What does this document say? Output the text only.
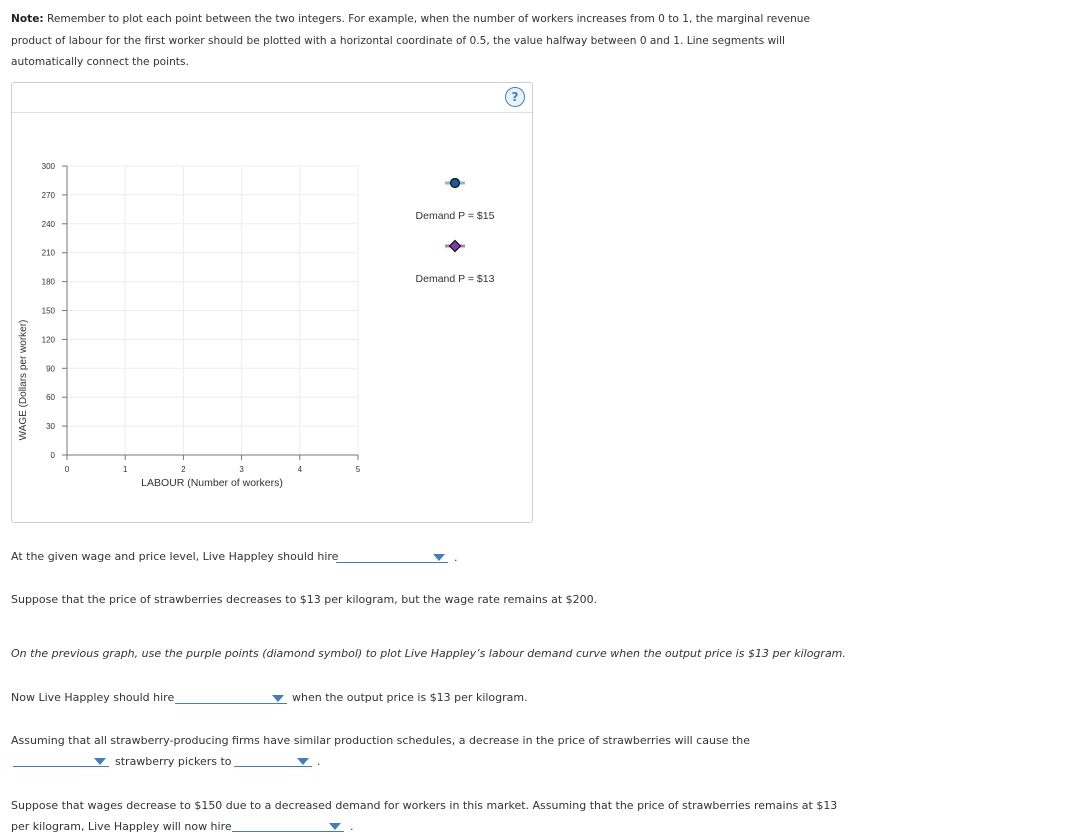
Note: Remember to plot each point between the two integers. For example, when the number of workers increases from 0 to 1, the marginal revenue product of labour for the first worker should be plotted with a horizontal coordinate of 0.5, the value halfway between 0 and 1. Line segments will automatically connect the points.
?
0
30
60
90
120
150
180
210
240
270
300
0	1	2	3	4	5
WAGE (Dollars per worker)
LABOUR (Number of workers)
Demand P = $15
Demand P = $13
At the given wage and price level, Live Happley should hire	.
Suppose that the price of strawberries decreases to $13 per kilogram, but the wage rate remains at $200.
On the previous graph, use the purple points (diamond symbol) to plot Live Happley’s labour demand curve when the output price is $13 per kilogram.
Now Live Happley should hire	when the output price is $13 per kilogram.
Assuming that all strawberry-producing firms have similar production schedules, a decrease in the price of strawberries will cause the
strawberry pickers to	.
Suppose that wages decrease to $150 due to a decreased demand for workers in this market. Assuming that the price of strawberries remains at $13
per kilogram, Live Happley will now hire	.
